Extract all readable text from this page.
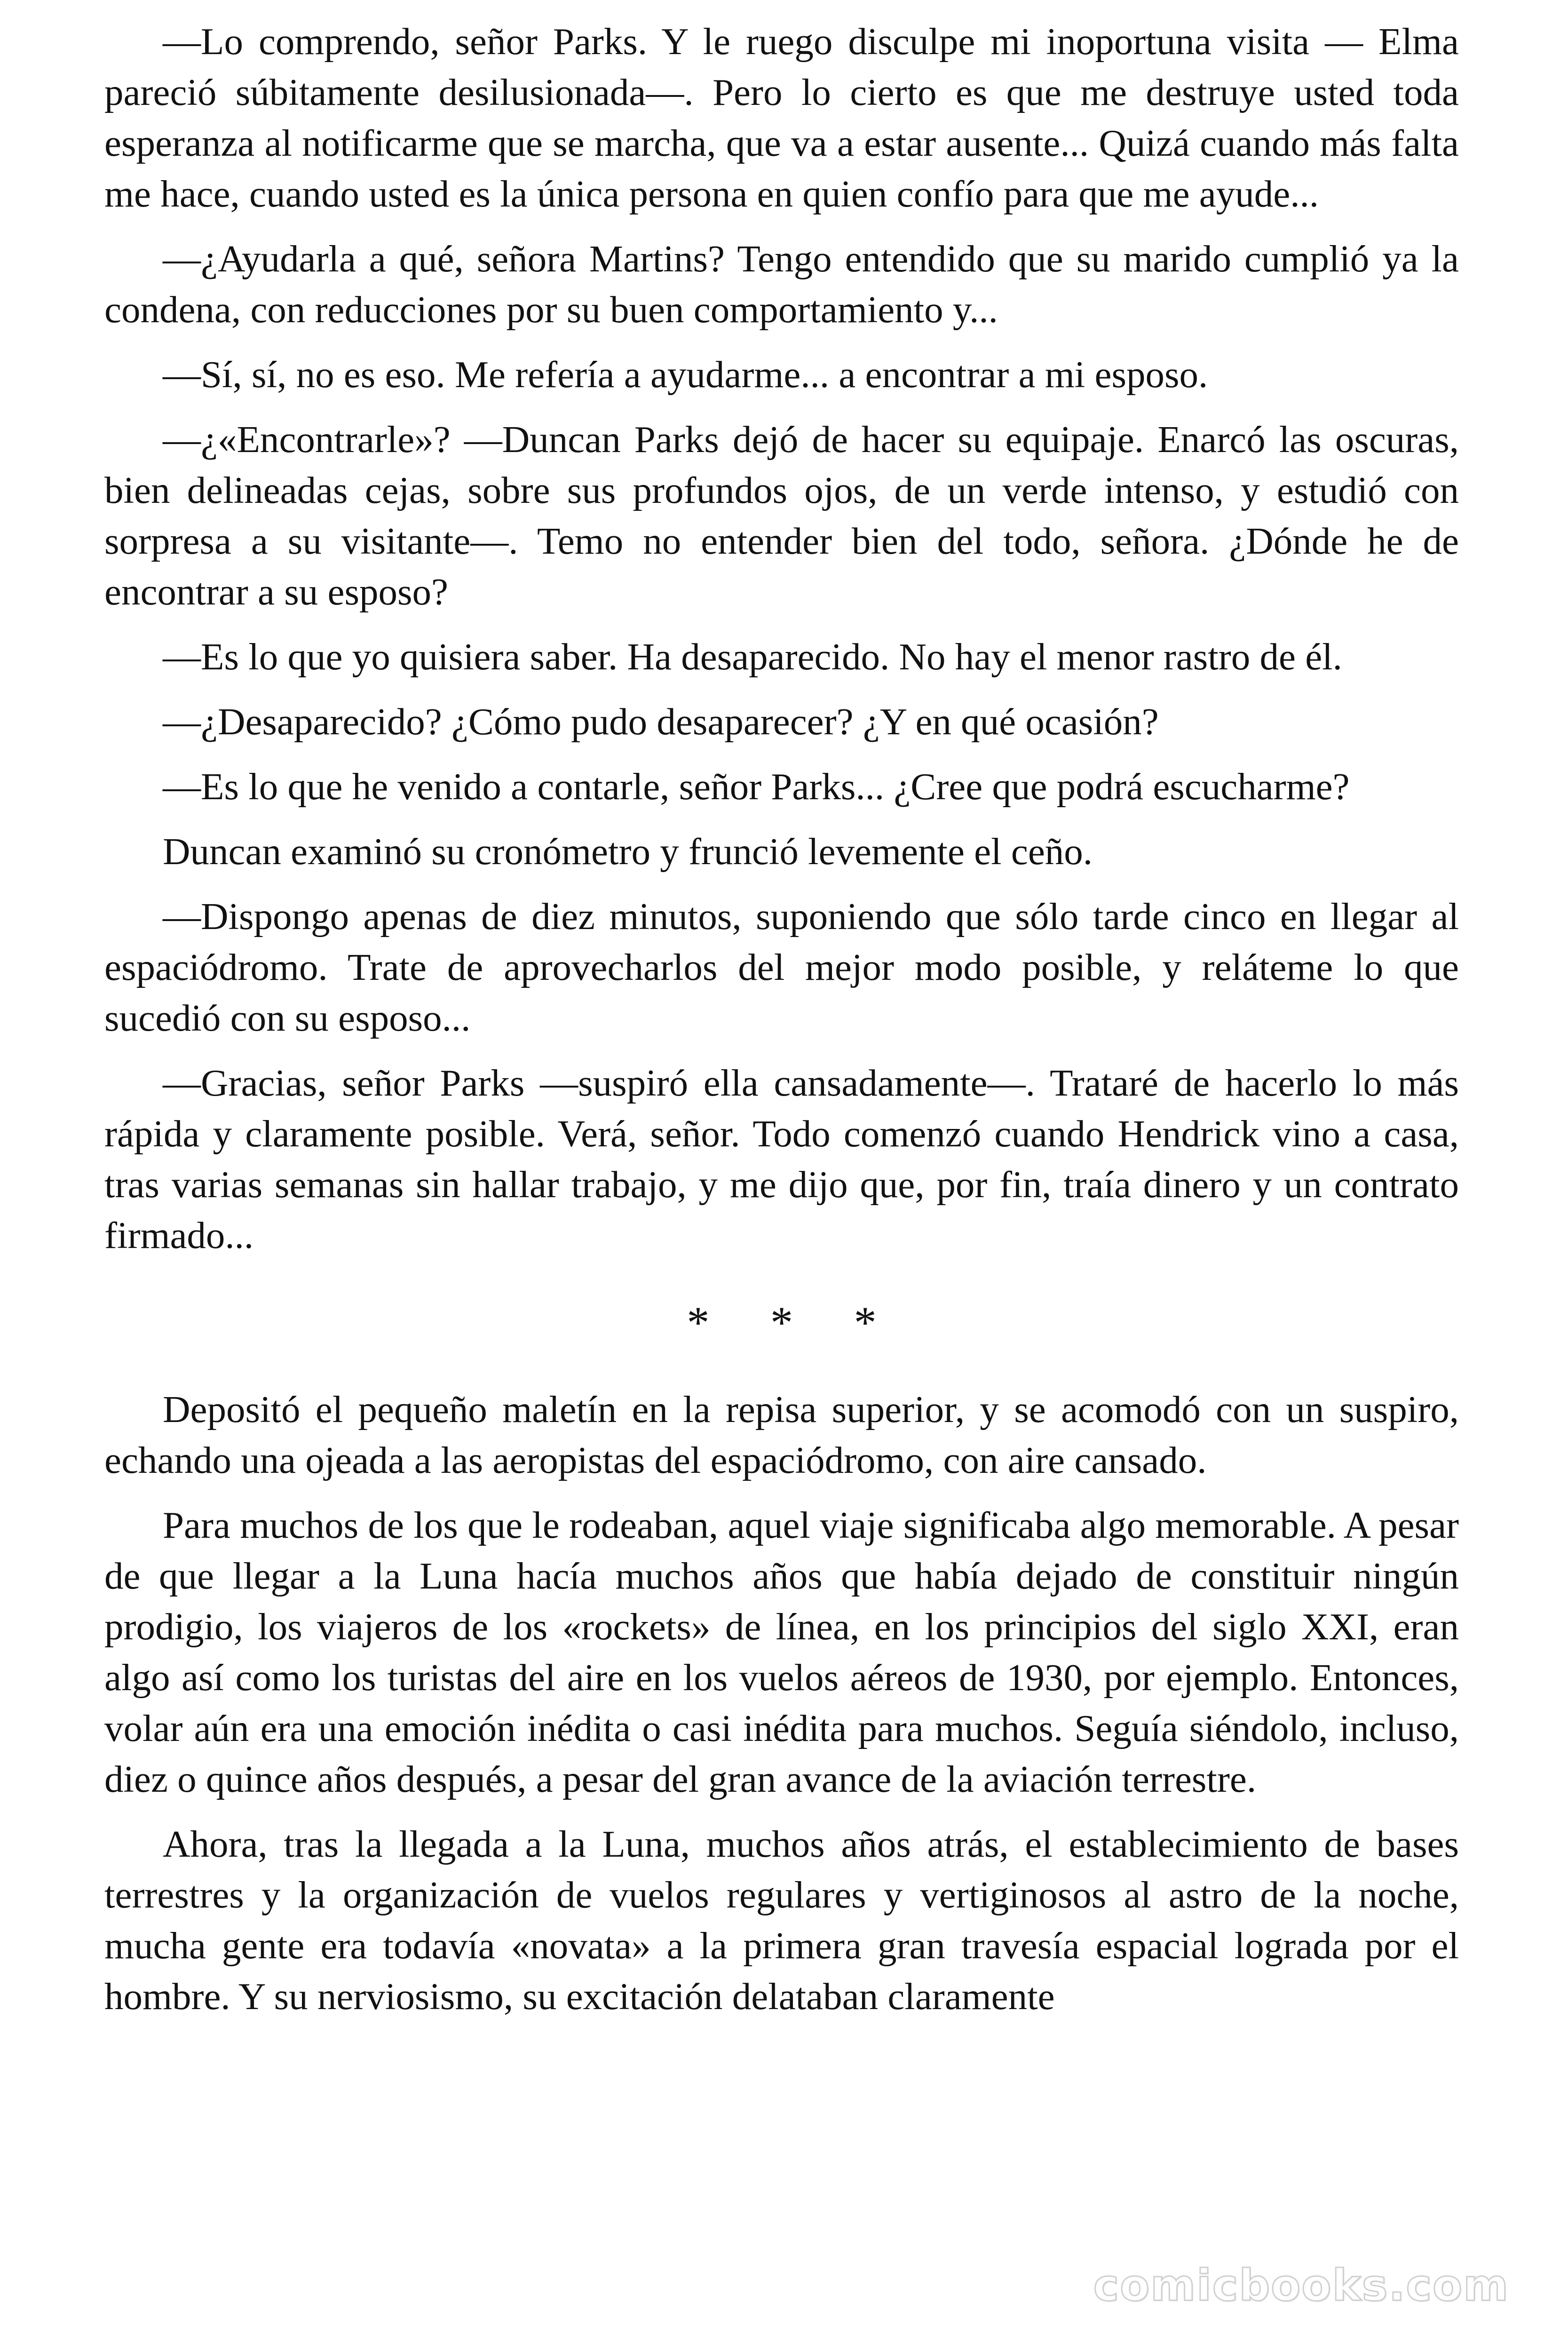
—Lo comprendo, señor Parks. Y le ruego disculpe mi inoportuna visita — Elma pareció súbitamente desilusionada—. Pero lo cierto es que me destruye usted toda esperanza al notificarme que se marcha, que va a estar ausente... Quizá cuando más falta me hace, cuando usted es la única persona en quien confío para que me ayude...

—¿Ayudarla a qué, señora Martins? Tengo entendido que su marido cumplió ya la condena, con reducciones por su buen comportamiento y...

—Sí, sí, no es eso. Me refería a ayudarme... a encontrar a mi esposo.

—¿«Encontrarle»? —Duncan Parks dejó de hacer su equipaje. Enarcó las oscuras, bien delineadas cejas, sobre sus profundos ojos, de un verde intenso, y estudió con sorpresa a su visitante—. Temo no entender bien del todo, señora. ¿Dónde he de encontrar a su esposo?

—Es lo que yo quisiera saber. Ha desaparecido. No hay el menor rastro de él.

—¿Desaparecido? ¿Cómo pudo desaparecer? ¿Y en qué ocasión?

—Es lo que he venido a contarle, señor Parks... ¿Cree que podrá escucharme?

Duncan examinó su cronómetro y frunció levemente el ceño.

—Dispongo apenas de diez minutos, suponiendo que sólo tarde cinco en llegar al espaciódromo. Trate de aprovecharlos del mejor modo posible, y reláteme lo que sucedió con su esposo...

—Gracias, señor Parks —suspiró ella cansadamente—. Trataré de hacerlo lo más rápida y claramente posible. Verá, señor. Todo comenzó cuando Hendrick vino a casa, tras varias semanas sin hallar trabajo, y me dijo que, por fin, traía dinero y un contrato firmado...

* * *

Depositó el pequeño maletín en la repisa superior, y se acomodó con un suspiro, echando una ojeada a las aeropistas del espaciódromo, con aire cansado.

Para muchos de los que le rodeaban, aquel viaje significaba algo memorable. A pesar de que llegar a la Luna hacía muchos años que había dejado de constituir ningún prodigio, los viajeros de los «rockets» de línea, en los principios del siglo XXI, eran algo así como los turistas del aire en los vuelos aéreos de 1930, por ejemplo. Entonces, volar aún era una emoción inédita o casi inédita para muchos. Seguía siéndolo, incluso, diez o quince años después, a pesar del gran avance de la aviación terrestre.

Ahora, tras la llegada a la Luna, muchos años atrás, el establecimiento de bases terrestres y la organización de vuelos regulares y vertiginosos al astro de la noche, mucha gente era todavía «novata» a la primera gran travesía espacial lograda por el hombre. Y su nerviosismo, su excitación delataban claramente

comicbooks.com
